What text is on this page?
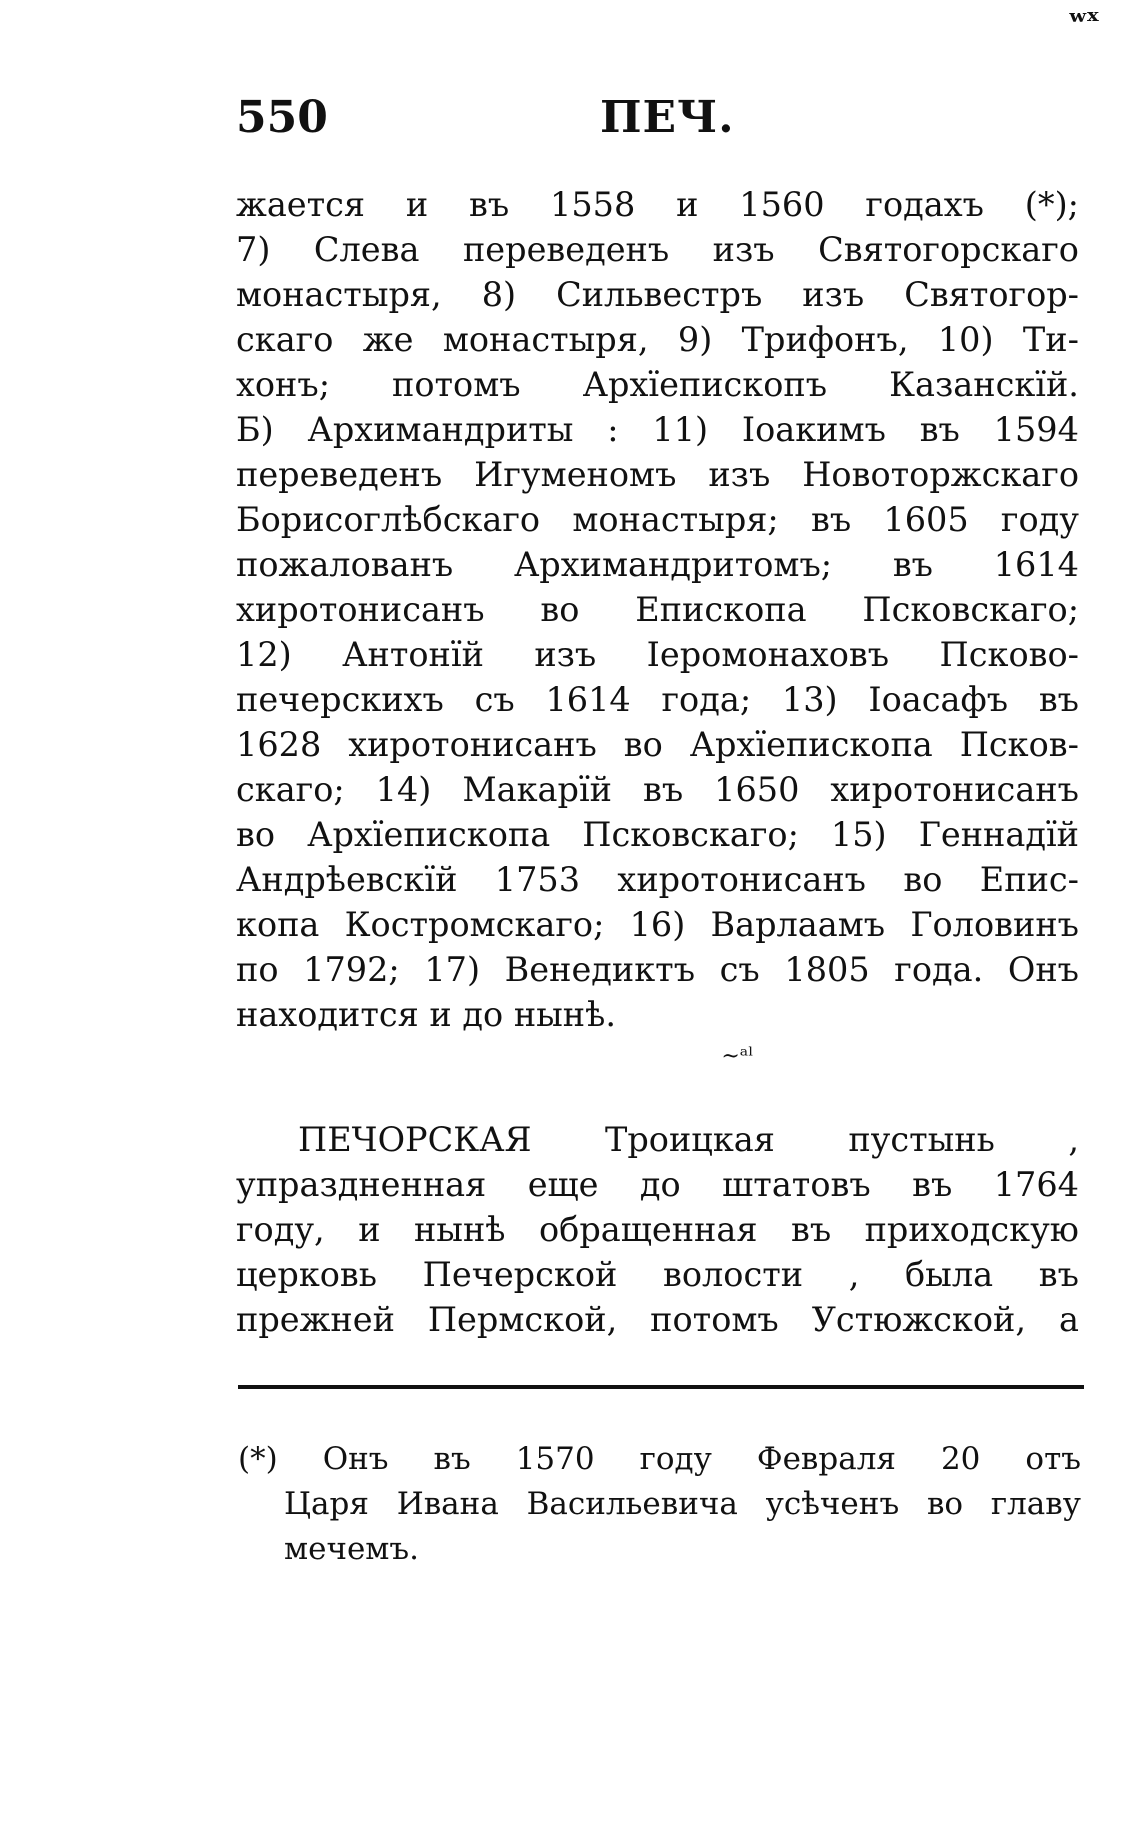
ʷˣ
550	ПЕЧ.
жается и въ 1558 и 1560 годахъ (*);
7) Слева переведенъ изъ Святогорскаго
монастыря, 8) Сильвестръ изъ Святогор-
скаго же монастыря, 9) Трифонъ, 10) Ти-
хонъ; потомъ Архїепископъ Казанскїй.
Б) Архимандриты : 11) Іоакимъ въ 1594
переведенъ Игуменомъ изъ Новоторжскаго
Борисоглѣбскаго монастыря; въ 1605 году
пожалованъ Архимандритомъ; въ 1614
хиротонисанъ во Епископа Псковскаго;
12) Антонїй изъ Іеромонаховъ Псково-
печерскихъ съ 1614 года; 13) Іоасафъ въ
1628 хиротонисанъ во Архїепископа Псков-
скаго; 14) Макарїй въ 1650 хиротонисанъ
во Архїепископа Псковскаго; 15) Геннадїй
Андрѣевскїй 1753 хиротонисанъ во Епис-
копа Костромскаго; 16) Варлаамъ Головинъ
по 1792; 17) Венедиктъ съ 1805 года. Онъ
находится и до нынѣ.
~ᵃˡ
ПЕЧОРСКАЯ Троицкая пустынь ,
упраздненная еще до штатовъ въ 1764
году, и нынѣ обращенная въ приходскую
церковь Печерской волости , была въ
прежней Пермской, потомъ Устюжской, а
(*) Онъ въ 1570 году Февраля 20 отъ
Царя Ивана Васильевича усѣченъ во главу
мечемъ.
